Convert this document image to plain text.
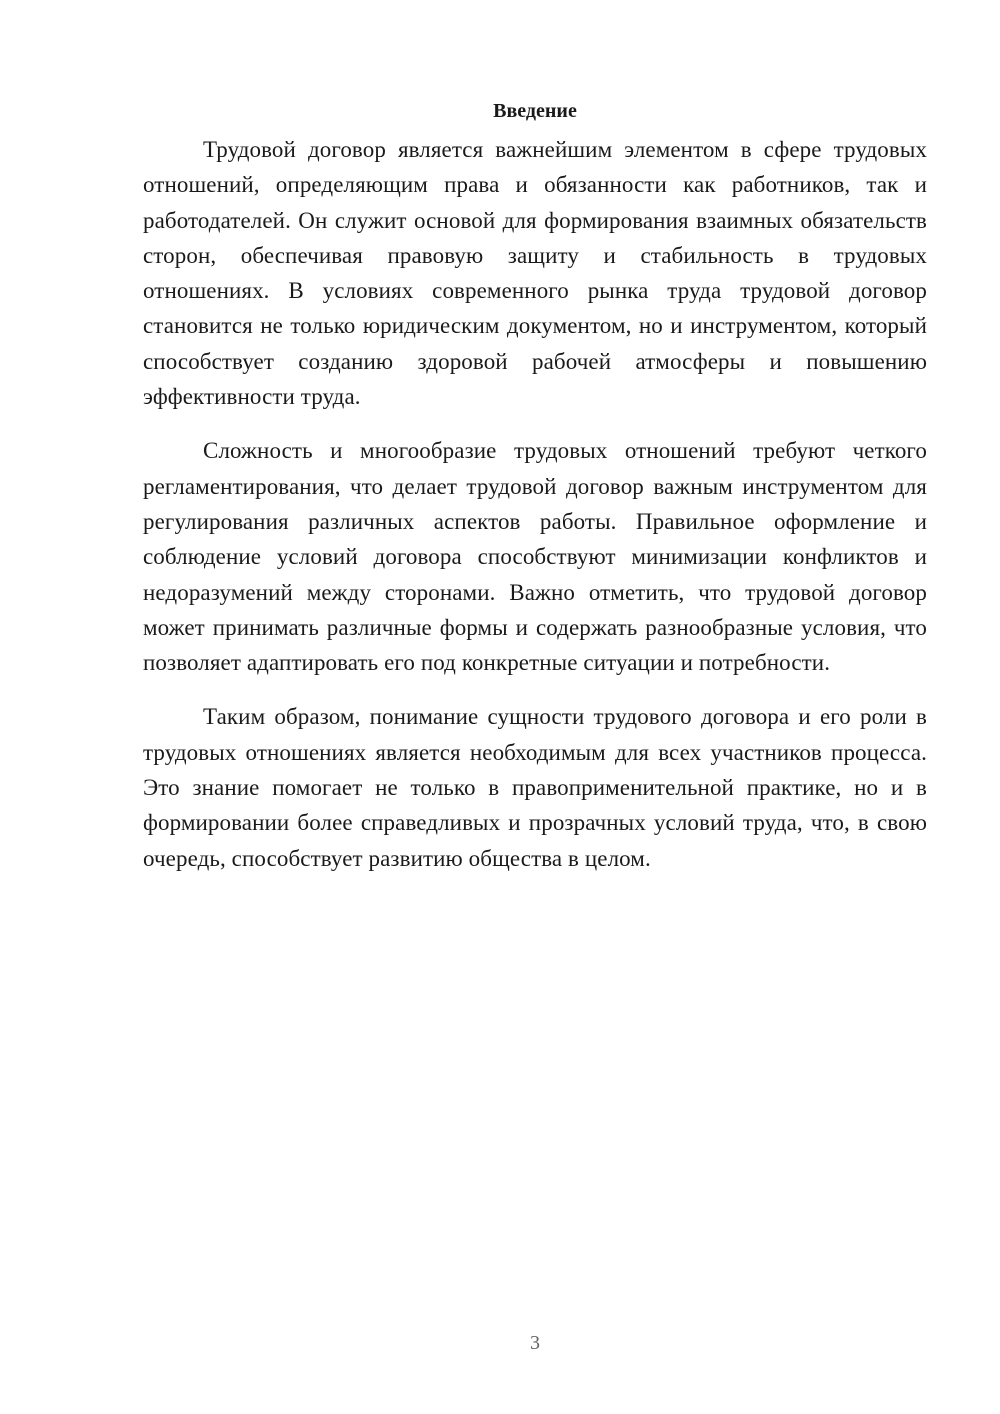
Введение

Трудовой договор является важнейшим элементом в сфере трудовых отношений, определяющим права и обязанности как работников, так и работодателей. Он служит основой для формирования взаимных обязательств сторон, обеспечивая правовую защиту и стабильность в трудовых отношениях. В условиях современного рынка труда трудовой договор становится не только юридическим документом, но и инструментом, который способствует созданию здоровой рабочей атмосферы и повышению эффективности труда.

Сложность и многообразие трудовых отношений требуют четкого регламентирования, что делает трудовой договор важным инструментом для регулирования различных аспектов работы. Правильное оформление и соблюдение условий договора способствуют минимизации конфликтов и недоразумений между сторонами. Важно отметить, что трудовой договор может принимать различные формы и содержать разнообразные условия, что позволяет адаптировать его под конкретные ситуации и потребности.

Таким образом, понимание сущности трудового договора и его роли в трудовых отношениях является необходимым для всех участников процесса. Это знание помогает не только в правоприменительной практике, но и в формировании более справедливых и прозрачных условий труда, что, в свою очередь, способствует развитию общества в целом.

3
